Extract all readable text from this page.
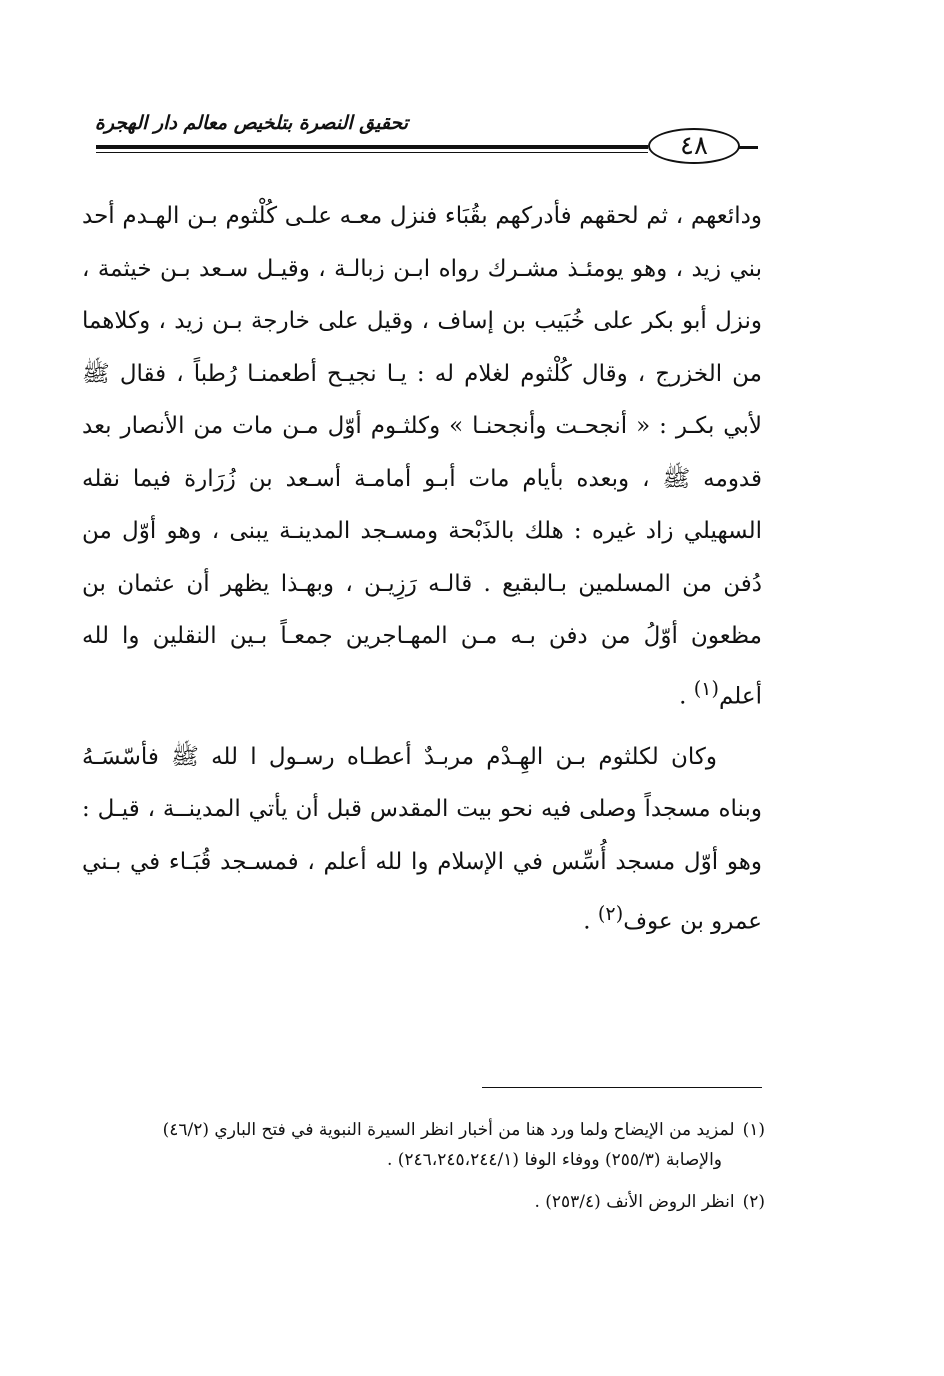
تحقيق النصرة بتلخيص معالم دار الهجرة
٤٨

ودائعهم ، ثم لحقهم فأدركهم بقُبَاء فنزل معـه علـى كُلْثوم بـن الهـدم أحد بني زيد ، وهو يومئـذ مشـرك رواه ابـن زبالـة ، وقيـل سـعد بـن خيثمة ، ونزل أبو بكر على خُبَيب بن إساف ، وقيل على خارجة بـن زيد ، وكلاهما من الخزرج ، وقال كُلْثوم لغلام له : يـا نجيـح أطعمنـا رُطباً ، فقال ﷺ لأبي بكـر : « أنجحـت وأنجحنـا » وكلثـوم أوّل مـن مات من الأنصار بعد قدومه ﷺ ، وبعده بأيام مات أبـو أمامـة أسـعد بن زُرَارة فيما نقله السهيلي زاد غيره : هلك بالذَبْحة ومسـجد المدينـة يبنى ، وهو أوّل من دُفن من المسلمين بـالبقيع . قالـه رَزِيـن ، وبهـذا يظهر أن عثمان بن مظعون أوّلُ من دفن بـه مـن المهـاجرين جمعـاً بـين النقلين وا لله أعلم$^{(١)}$ .

وكان لكلثوم بـن الهِـدْم مربـدٌ أعطـاه رسـول ا لله ﷺ فأسّسَـهُ وبناه مسجداً وصلى فيه نحو بيت المقدس قبل أن يأتي المدينــة ، قيـل : وهو أوّل مسجد أُسِّس في الإسلام وا لله أعلم ، فمسـجد قُبَـاء في بـني عمرو بن عوف$^{(٢)}$ .

(١)لمزيد من الإيضاح ولما ورد هنا من أخبار انظر السيرة النبوية في فتح الباري (٤٦/٢)
والإصابة (٢٥٥/٣) ووفاء الوفا (٢٤٦،٢٤٥،٢٤٤/١) .

(٢)انظر الروض الأنف (٢٥٣/٤) .
